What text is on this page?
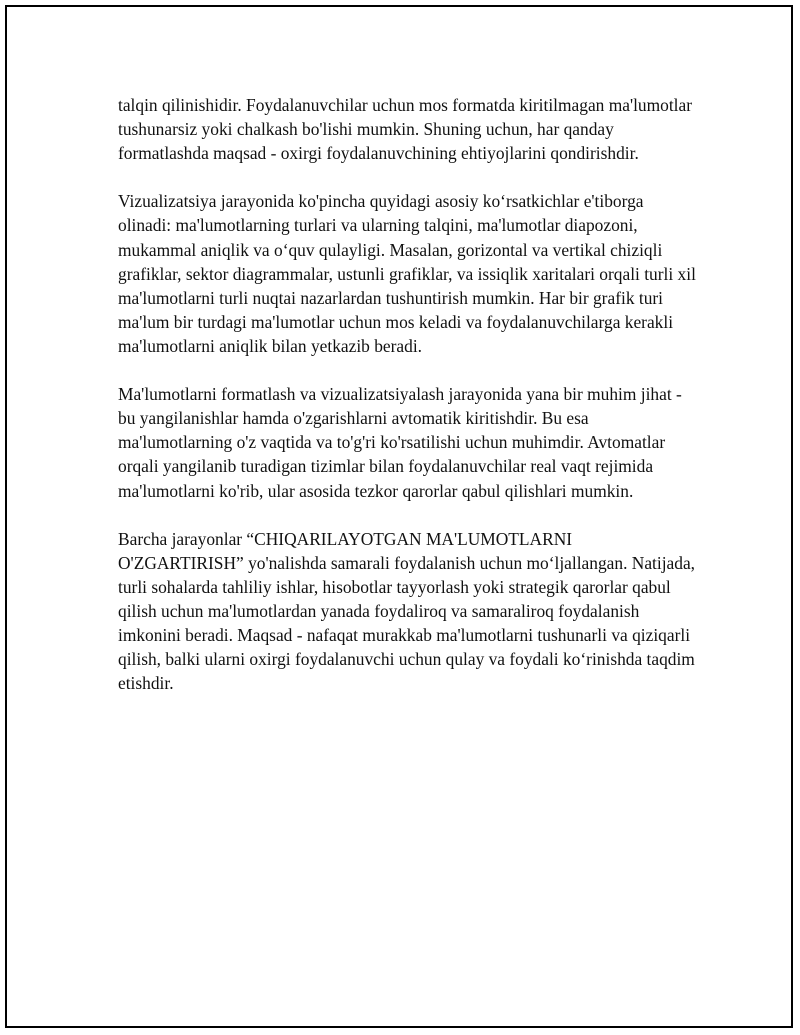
talqin qilinishidir. Foydalanuvchilar uchun mos formatda kiritilmagan ma'lumotlar tushunarsiz yoki chalkash bo'lishi mumkin. Shuning uchun, har qanday formatlashda maqsad - oxirgi foydalanuvchining ehtiyojlarini qondirishdir.

Vizualizatsiya jarayonida ko'pincha quyidagi asosiy ko‘rsatkichlar e'tiborga olinadi: ma'lumotlarning turlari va ularning talqini, ma'lumotlar diapozoni, mukammal aniqlik va o‘quv qulayligi. Masalan, gorizontal va vertikal chiziqli grafiklar, sektor diagrammalar, ustunli grafiklar, va issiqlik xaritalari orqali turli xil ma'lumotlarni turli nuqtai nazarlardan tushuntirish mumkin. Har bir grafik turi ma'lum bir turdagi ma'lumotlar uchun mos keladi va foydalanuvchilarga kerakli ma'lumotlarni aniqlik bilan yetkazib beradi.

Ma'lumotlarni formatlash va vizualizatsiyalash jarayonida yana bir muhim jihat - bu yangilanishlar hamda o'zgarishlarni avtomatik kiritishdir. Bu esa ma'lumotlarning o'z vaqtida va to'g'ri ko'rsatilishi uchun muhimdir. Avtomatlar orqali yangilanib turadigan tizimlar bilan foydalanuvchilar real vaqt rejimida ma'lumotlarni ko'rib, ular asosida tezkor qarorlar qabul qilishlari mumkin.

Barcha jarayonlar “CHIQARILAYOTGAN MA'LUMOTLARNI O'ZGARTIRISH” yo'nalishda samarali foydalanish uchun mo‘ljallangan. Natijada, turli sohalarda tahliliy ishlar, hisobotlar tayyorlash yoki strategik qarorlar qabul qilish uchun ma'lumotlardan yanada foydaliroq va samaraliroq foydalanish imkonini beradi. Maqsad - nafaqat murakkab ma'lumotlarni tushunarli va qiziqarli qilish, balki ularni oxirgi foydalanuvchi uchun qulay va foydali ko‘rinishda taqdim etishdir.
